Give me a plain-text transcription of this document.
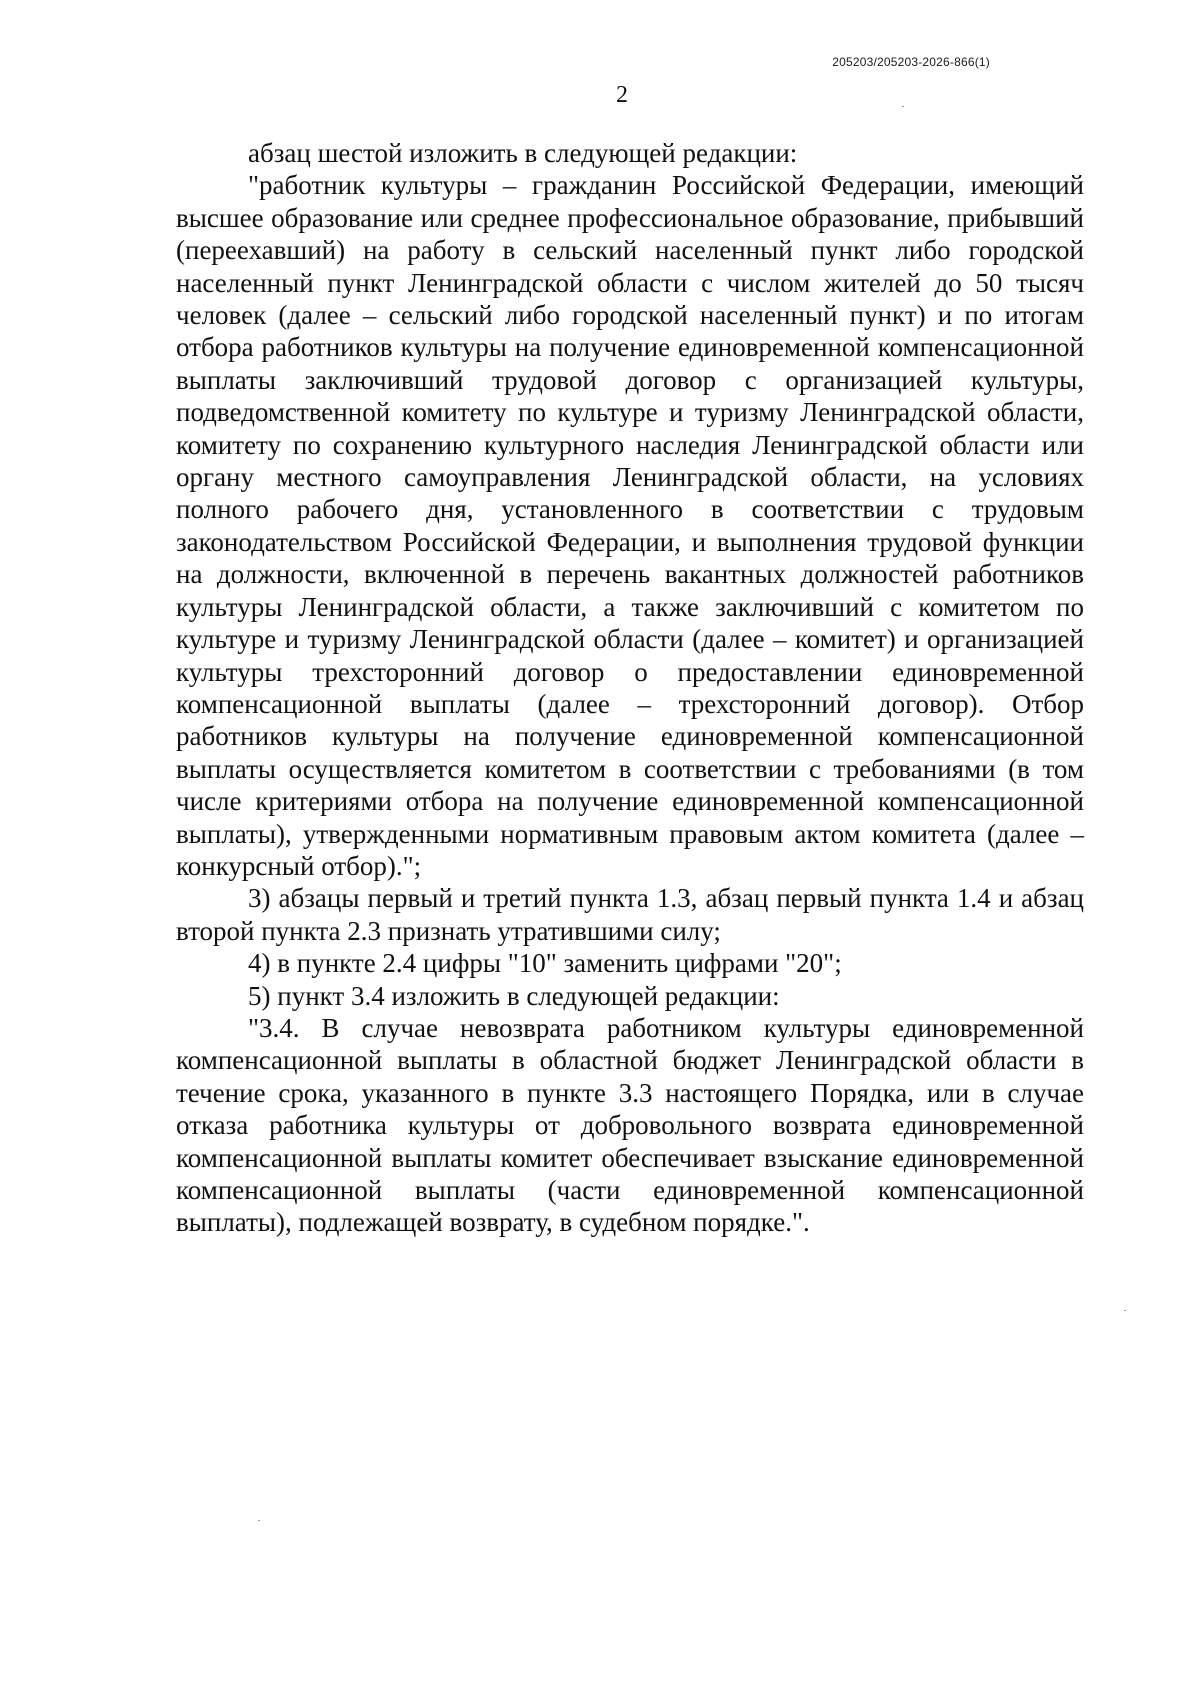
205203/205203-2026-866(1)
2

абзац шестой изложить в следующей редакции:

"работник культуры – гражданин Российской Федерации, имеющий высшее образование или среднее профессиональное образование, прибывший (переехавший) на работу в сельский населенный пункт либо городской населенный пункт Ленинградской области с числом жителей до 50 тысяч человек (далее – сельский либо городской населенный пункт) и по итогам отбора работников культуры на получение единовременной компенсационной выплаты заключивший трудовой договор с организацией культуры, подведомственной комитету по культуре и туризму Ленинградской области, комитету по сохранению культурного наследия Ленинградской области или органу местного самоуправления Ленинградской области, на условиях полного рабочего дня, установленного в соответствии с трудовым законодательством Российской Федерации, и выполнения трудовой функции на должности, включенной в перечень вакантных должностей работников культуры Ленинградской области, а также заключивший с комитетом по культуре и туризму Ленинградской области (далее – комитет) и организацией культуры трехсторонний договор о предоставлении единовременной компенсационной выплаты (далее – трехсторонний договор). Отбор работников культуры на получение единовременной компенсационной выплаты осуществляется комитетом в соответствии с требованиями (в том числе критериями отбора на получение единовременной компенсационной выплаты), утвержденными нормативным правовым актом комитета (далее – конкурсный отбор).";

3) абзацы первый и третий пункта 1.3, абзац первый пункта 1.4 и абзац второй пункта 2.3 признать утратившими силу;

4) в пункте 2.4 цифры "10" заменить цифрами "20";

5) пункт 3.4 изложить в следующей редакции:

"3.4. В случае невозврата работником культуры единовременной компенсационной выплаты в областной бюджет Ленинградской области в течение срока, указанного в пункте 3.3 настоящего Порядка, или в случае отказа работника культуры от добровольного возврата единовременной компенсационной выплаты комитет обеспечивает взыскание единовременной компенсационной выплаты (части единовременной компенсационной выплаты), подлежащей возврату, в судебном порядке.".
